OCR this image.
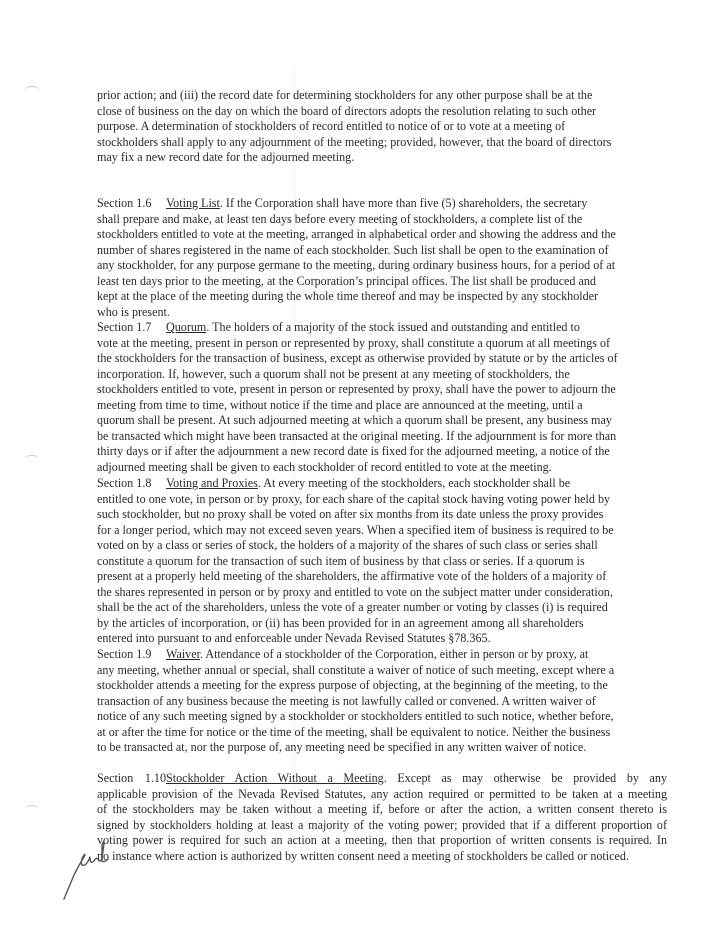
prior action; and (iii) the record date for determining stockholders for any other purpose shall be at the
close of business on the day on which the board of directors adopts the resolution relating to such other
purpose. A determination of stockholders of record entitled to notice of or to vote at a meeting of
stockholders shall apply to any adjournment of the meeting; provided, however, that the board of directors
may fix a new record date for the adjourned meeting.
Section 1.6 Voting List. If the Corporation shall have more than five (5) shareholders, the secretary
shall prepare and make, at least ten days before every meeting of stockholders, a complete list of the
stockholders entitled to vote at the meeting, arranged in alphabetical order and showing the address and the
number of shares registered in the name of each stockholder. Such list shall be open to the examination of
any stockholder, for any purpose germane to the meeting, during ordinary business hours, for a period of at
least ten days prior to the meeting, at the Corporation’s principal offices. The list shall be produced and
kept at the place of the meeting during the whole time thereof and may be inspected by any stockholder
who is present.
Section 1.7 Quorum. The holders of a majority of the stock issued and outstanding and entitled to
vote at the meeting, present in person or represented by proxy, shall constitute a quorum at all meetings of
the stockholders for the transaction of business, except as otherwise provided by statute or by the articles of
incorporation. If, however, such a quorum shall not be present at any meeting of stockholders, the
stockholders entitled to vote, present in person or represented by proxy, shall have the power to adjourn the
meeting from time to time, without notice if the time and place are announced at the meeting, until a
quorum shall be present. At such adjourned meeting at which a quorum shall be present, any business may
be transacted which might have been transacted at the original meeting. If the adjournment is for more than
thirty days or if after the adjournment a new record date is fixed for the adjourned meeting, a notice of the
adjourned meeting shall be given to each stockholder of record entitled to vote at the meeting.
Section 1.8 Voting and Proxies. At every meeting of the stockholders, each stockholder shall be
entitled to one vote, in person or by proxy, for each share of the capital stock having voting power held by
such stockholder, but no proxy shall be voted on after six months from its date unless the proxy provides
for a longer period, which may not exceed seven years. When a specified item of business is required to be
voted on by a class or series of stock, the holders of a majority of the shares of such class or series shall
constitute a quorum for the transaction of such item of business by that class or series. If a quorum is
present at a properly held meeting of the shareholders, the affirmative vote of the holders of a majority of
the shares represented in person or by proxy and entitled to vote on the subject matter under consideration,
shall be the act of the shareholders, unless the vote of a greater number or voting by classes (i) is required
by the articles of incorporation, or (ii) has been provided for in an agreement among all shareholders
entered into pursuant to and enforceable under Nevada Revised Statutes §78.365.
Section 1.9 Waiver. Attendance of a stockholder of the Corporation, either in person or by proxy, at
any meeting, whether annual or special, shall constitute a waiver of notice of such meeting, except where a
stockholder attends a meeting for the express purpose of objecting, at the beginning of the meeting, to the
transaction of any business because the meeting is not lawfully called or convened. A written waiver of
notice of any such meeting signed by a stockholder or stockholders entitled to such notice, whether before,
at or after the time for notice or the time of the meeting, shall be equivalent to notice. Neither the business
to be transacted at, nor the purpose of, any meeting need be specified in any written waiver of notice.
Section 1.10Stockholder Action Without a Meeting. Except as may otherwise be provided by any
applicable provision of the Nevada Revised Statutes, any action required or permitted to be taken at a meeting
of the stockholders may be taken without a meeting if, before or after the action, a written consent thereto is
signed by stockholders holding at least a majority of the voting power; provided that if a different proportion of
voting power is required for such an action at a meeting, then that proportion of written consents is required. In
no instance where action is authorized by written consent need a meeting of stockholders be called or noticed.
